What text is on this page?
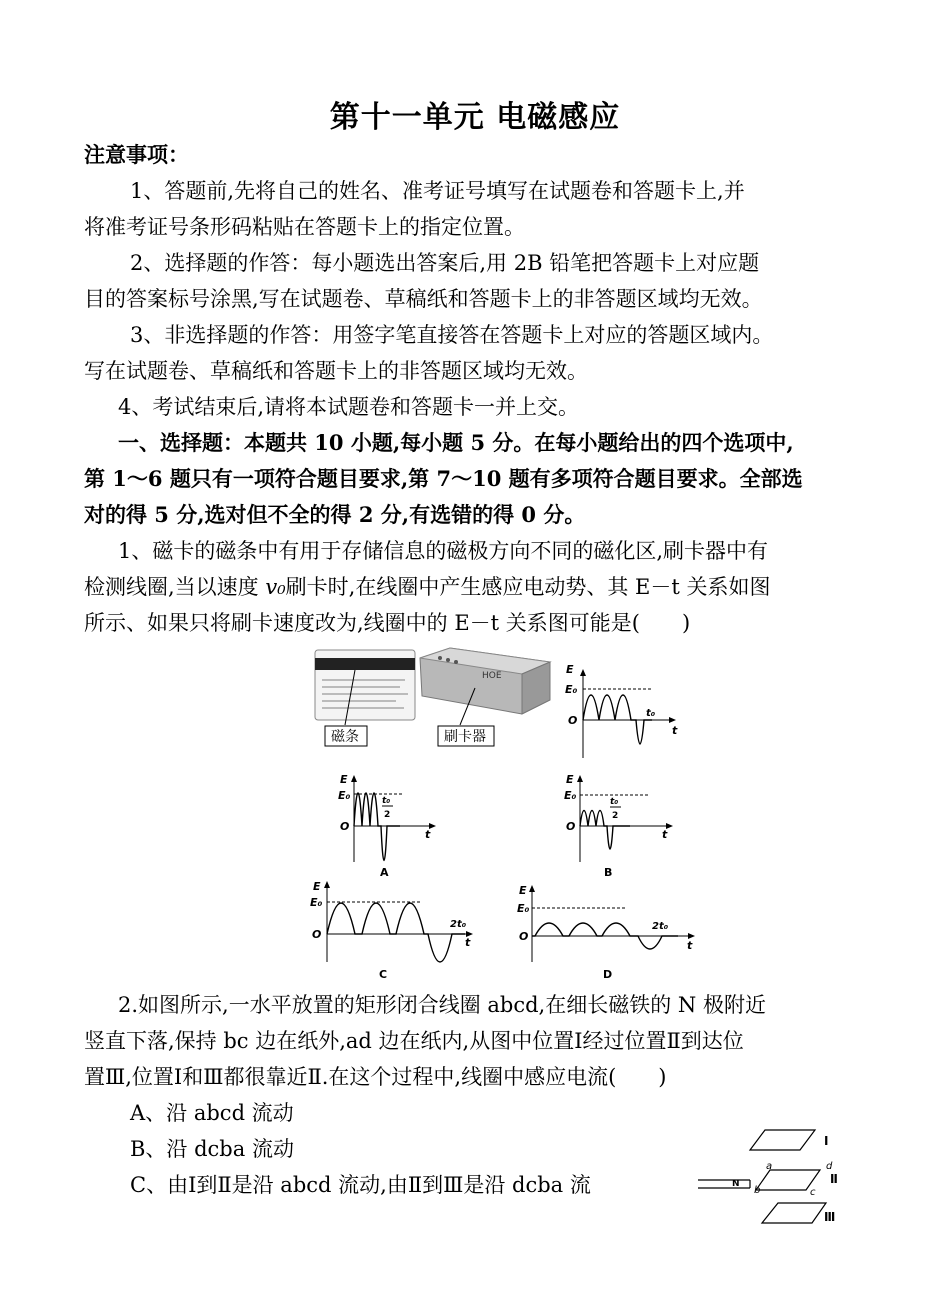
第十一单元 电磁感应
注意事项：
1、答题前,先将自己的姓名、准考证号填写在试题卷和答题卡上,并
将准考证号条形码粘贴在答题卡上的指定位置。
2、选择题的作答：每小题选出答案后,用 2B 铅笔把答题卡上对应题
目的答案标号涂黑,写在试题卷、草稿纸和答题卡上的非答题区域均无效。
3、非选择题的作答：用签字笔直接答在答题卡上对应的答题区域内。
写在试题卷、草稿纸和答题卡上的非答题区域均无效。
4、考试结束后,请将本试题卷和答题卡一并上交。
一、选择题：本题共 10 小题,每小题 5 分。在每小题给出的四个选项中,
第 1～6 题只有一项符合题目要求,第 7～10 题有多项符合题目要求。全部选
对的得 5 分,选对但不全的得 2 分,有选错的得 0 分。
1、磁卡的磁条中有用于存储信息的磁极方向不同的磁化区,刷卡器中有
检测线圈,当以速度 v₀刷卡时,在线圈中产生感应电动势、其 E－t 关系如图
所示、如果只将刷卡速度改为,线圈中的 E－t 关系图可能是(　　)
HOE
磁条	刷卡器
E
E₀
O
t₀
t
E
E₀
O
t₀
2
t
A
E
E₀
O
t₀
2
t
B
E
E₀
O
2t₀
t
C
E
E₀
O
2t₀
t
D
2.如图所示,一水平放置的矩形闭合线圈 abcd,在细长磁铁的 N 极附近
竖直下落,保持 bc 边在纸外,ad 边在纸内,从图中位置Ⅰ经过位置Ⅱ到达位
置Ⅲ,位置Ⅰ和Ⅲ都很靠近Ⅱ.在这个过程中,线圈中感应电流(　　)
A、沿 abcd 流动
B、沿 dcba 流动
C、由Ⅰ到Ⅱ是沿 abcd 流动,由Ⅱ到Ⅲ是沿 dcba 流
Ⅰ
N
a
b	c
d
Ⅱ
Ⅲ
